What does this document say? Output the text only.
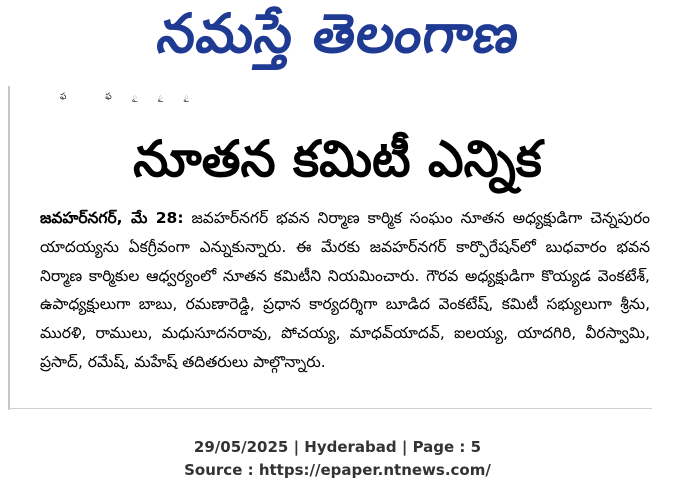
నమస్తే తెలంగాణ
ఫ ఫ ౖ ౖ ౖ
నూతన కమిటీ ఎన్నిక
జవహర్‌నగర్, మే 28: జవహర్‌నగర్ భవన నిర్మాణ కార్మిక సంఘం నూతన అధ్యక్షుడిగా చెన్నపురం యాదయ్యను ఏకగ్రీవంగా ఎన్నుకున్నారు. ఈ మేరకు జవహర్‌నగర్ కార్పొరేషన్‌లో బుధవారం భవన నిర్మాణ కార్మికుల ఆధ్వర్యంలో నూతన కమిటీని నియమించారు. గౌరవ అధ్యక్షుడిగా కొయ్యడ వెంకటేశ్, ఉపాధ్యక్షులుగా బాబు, రమణారెడ్డి, ప్రధాన కార్యదర్శిగా బూడిద వెంకటేష్, కమిటీ సభ్యులుగా శ్రీను, మురళి, రాములు, మధుసూదనరావు, పోచయ్య, మాధవ్‌యాదవ్, ఐలయ్య, యాదగిరి, వీరస్వామి, ప్రసాద్, రమేష్, మహేష్ తదితరులు పాల్గొన్నారు.
29/05/2025 | Hyderabad | Page : 5
Source : https://epaper.ntnews.com/
